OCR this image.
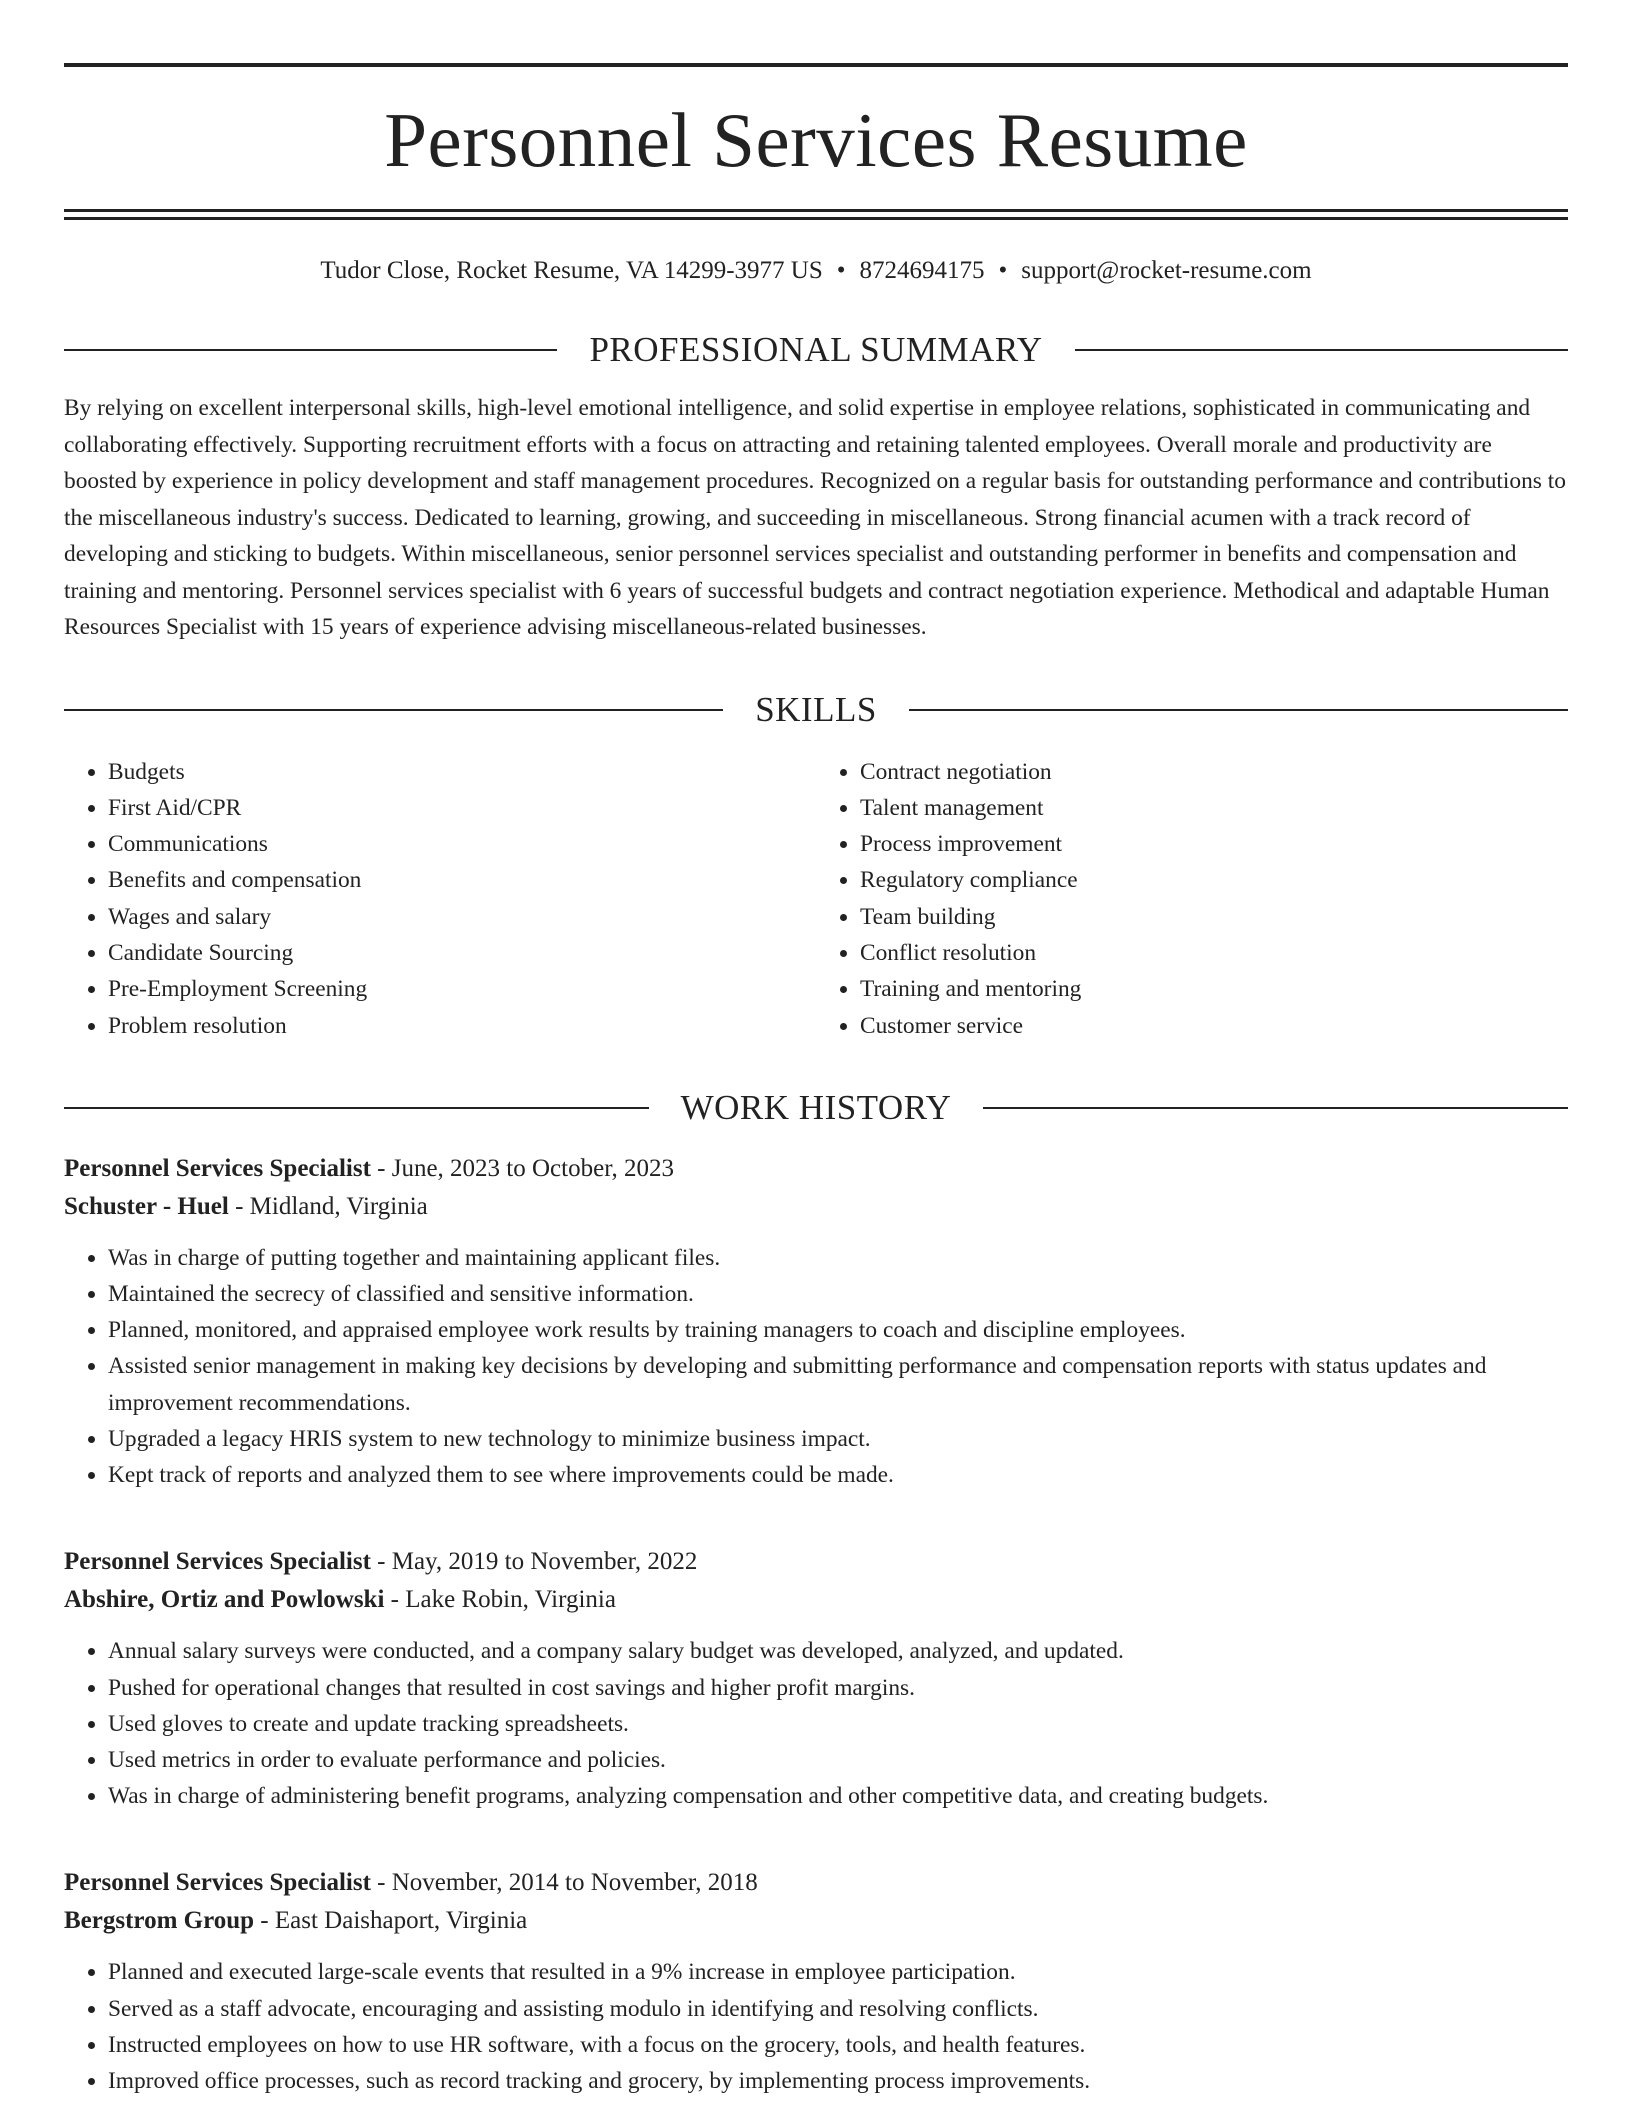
Personnel Services Resume
Tudor Close, Rocket Resume, VA 14299-3977 US • 8724694175 • support@rocket-resume.com
PROFESSIONAL SUMMARY
By relying on excellent interpersonal skills, high-level emotional intelligence, and solid expertise in employee relations, sophisticated in communicating and collaborating effectively. Supporting recruitment efforts with a focus on attracting and retaining talented employees. Overall morale and productivity are boosted by experience in policy development and staff management procedures. Recognized on a regular basis for outstanding performance and contributions to the miscellaneous industry's success. Dedicated to learning, growing, and succeeding in miscellaneous. Strong financial acumen with a track record of developing and sticking to budgets. Within miscellaneous, senior personnel services specialist and outstanding performer in benefits and compensation and training and mentoring. Personnel services specialist with 6 years of successful budgets and contract negotiation experience. Methodical and adaptable Human Resources Specialist with 15 years of experience advising miscellaneous-related businesses.
SKILLS
• Budgets
• First Aid/CPR
• Communications
• Benefits and compensation
• Wages and salary
• Candidate Sourcing
• Pre-Employment Screening
• Problem resolution
• Contract negotiation
• Talent management
• Process improvement
• Regulatory compliance
• Team building
• Conflict resolution
• Training and mentoring
• Customer service
WORK HISTORY
Personnel Services Specialist - June, 2023 to October, 2023
Schuster - Huel - Midland, Virginia
• Was in charge of putting together and maintaining applicant files.
• Maintained the secrecy of classified and sensitive information.
• Planned, monitored, and appraised employee work results by training managers to coach and discipline employees.
• Assisted senior management in making key decisions by developing and submitting performance and compensation reports with status updates and improvement recommendations.
• Upgraded a legacy HRIS system to new technology to minimize business impact.
• Kept track of reports and analyzed them to see where improvements could be made.
Personnel Services Specialist - May, 2019 to November, 2022
Abshire, Ortiz and Powlowski - Lake Robin, Virginia
• Annual salary surveys were conducted, and a company salary budget was developed, analyzed, and updated.
• Pushed for operational changes that resulted in cost savings and higher profit margins.
• Used gloves to create and update tracking spreadsheets.
• Used metrics in order to evaluate performance and policies.
• Was in charge of administering benefit programs, analyzing compensation and other competitive data, and creating budgets.
Personnel Services Specialist - November, 2014 to November, 2018
Bergstrom Group - East Daishaport, Virginia
• Planned and executed large-scale events that resulted in a 9% increase in employee participation.
• Served as a staff advocate, encouraging and assisting modulo in identifying and resolving conflicts.
• Instructed employees on how to use HR software, with a focus on the grocery, tools, and health features.
• Improved office processes, such as record tracking and grocery, by implementing process improvements.
